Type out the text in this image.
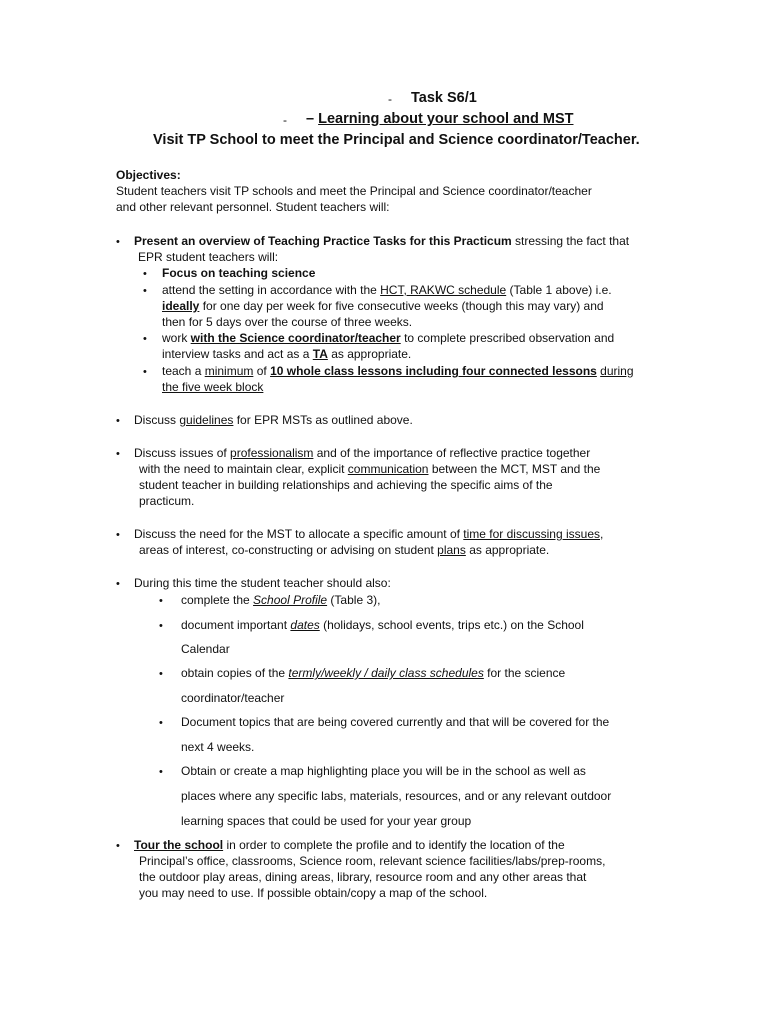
- Task S6/1
- – Learning about your school and MST
Visit TP School to meet the Principal and Science coordinator/Teacher.
Objectives:
Student teachers visit TP schools and meet the Principal and Science coordinator/teacher
and other relevant personnel. Student teachers will:
• Present an overview of Teaching Practice Tasks for this Practicum stressing the fact that
EPR student teachers will:
• Focus on teaching science
• attend the setting in accordance with the HCT, RAKWC schedule (Table 1 above) i.e.
ideally for one day per week for five consecutive weeks (though this may vary) and
then for 5 days over the course of three weeks.
• work with the Science coordinator/teacher to complete prescribed observation and
interview tasks and act as a TA as appropriate.
• teach a minimum of 10 whole class lessons including four connected lessons during
the five week block
• Discuss guidelines for EPR MSTs as outlined above.
• Discuss issues of professionalism and of the importance of reflective practice together
with the need to maintain clear, explicit communication between the MCT, MST and the
student teacher in building relationships and achieving the specific aims of the
practicum.
• Discuss the need for the MST to allocate a specific amount of time for discussing issues,
areas of interest, co-constructing or advising on student plans as appropriate.
• During this time the student teacher should also:
• complete the School Profile (Table 3),
• document important dates (holidays, school events, trips etc.) on the School
Calendar
• obtain copies of the termly/weekly / daily class schedules for the science
coordinator/teacher
• Document topics that are being covered currently and that will be covered for the
next 4 weeks.
• Obtain or create a map highlighting place you will be in the school as well as
places where any specific labs, materials, resources, and or any relevant outdoor
learning spaces that could be used for your year group
• Tour the school in order to complete the profile and to identify the location of the
Principal’s office, classrooms, Science room, relevant science facilities/labs/prep-rooms,
the outdoor play areas, dining areas, library, resource room and any other areas that
you may need to use. If possible obtain/copy a map of the school.
